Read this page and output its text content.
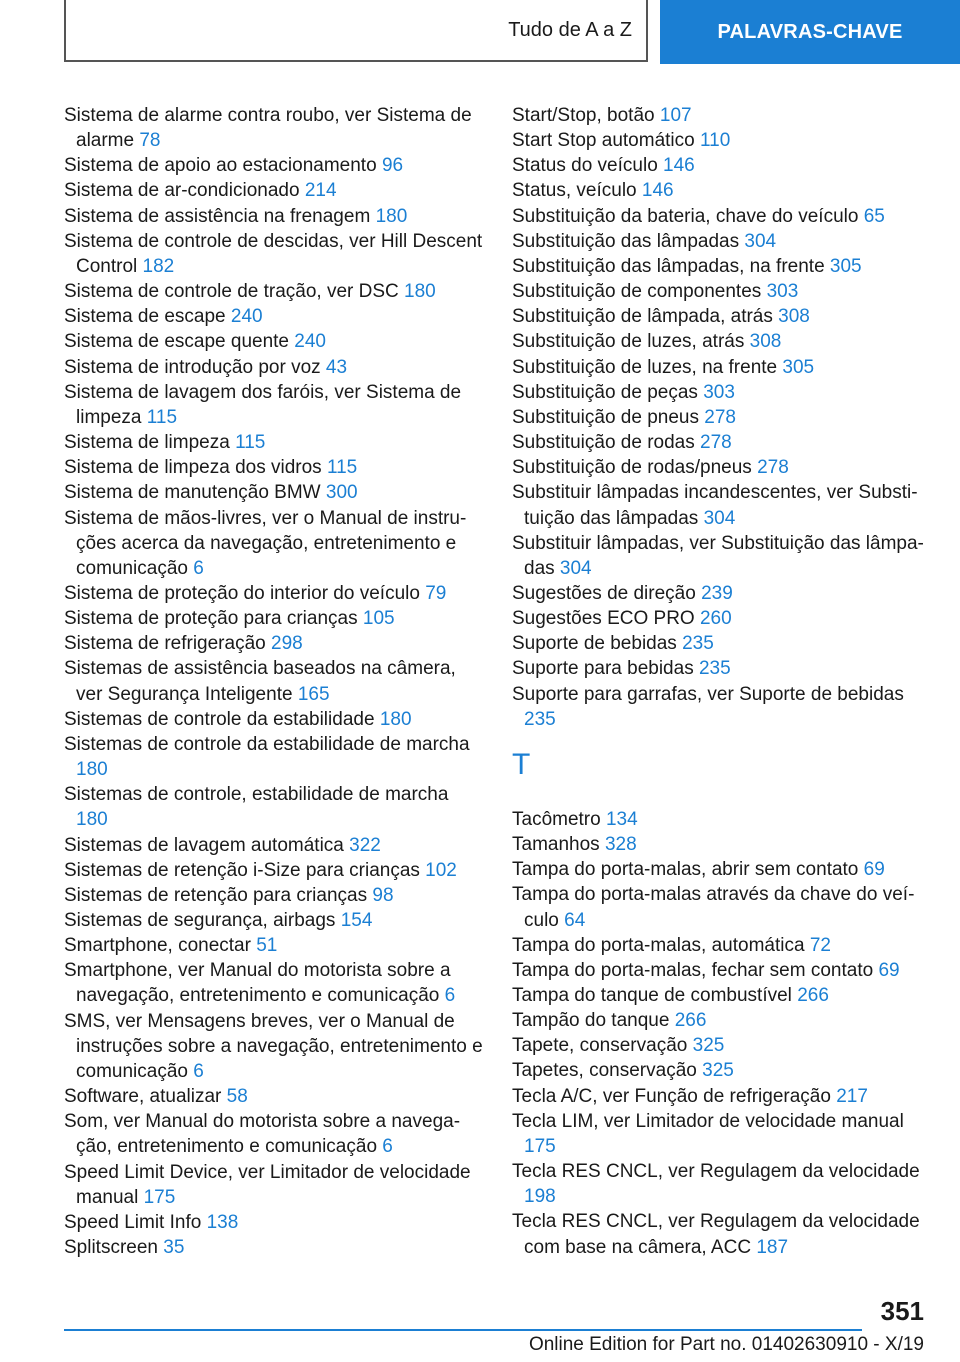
Tudo de A a Z	PALAVRAS-CHAVE
Sistema de alarme contra roubo, ver Sistema de alarme 78
Sistema de apoio ao estacionamento 96
Sistema de ar-condicionado 214
Sistema de assistência na frenagem 180
Sistema de controle de descidas, ver Hill Descent Control 182
Sistema de controle de tração, ver DSC 180
Sistema de escape 240
Sistema de escape quente 240
Sistema de introdução por voz 43
Sistema de lavagem dos faróis, ver Sistema de limpeza 115
Sistema de limpeza 115
Sistema de limpeza dos vidros 115
Sistema de manutenção BMW 300
Sistema de mãos-livres, ver o Manual de instruções acerca da navegação, entretenimento e comunicação 6
Sistema de proteção do interior do veículo 79
Sistema de proteção para crianças 105
Sistema de refrigeração 298
Sistemas de assistência baseados na câmera, ver Segurança Inteligente 165
Sistemas de controle da estabilidade 180
Sistemas de controle da estabilidade de marcha 180
Sistemas de controle, estabilidade de marcha 180
Sistemas de lavagem automática 322
Sistemas de retenção i-Size para crianças 102
Sistemas de retenção para crianças 98
Sistemas de segurança, airbags 154
Smartphone, conectar 51
Smartphone, ver Manual do motorista sobre a navegação, entretenimento e comunicação 6
SMS, ver Mensagens breves, ver o Manual de instruções sobre a navegação, entretenimento e comunicação 6
Software, atualizar 58
Som, ver Manual do motorista sobre a navegação, entretenimento e comunicação 6
Speed Limit Device, ver Limitador de velocidade manual 175
Speed Limit Info 138
Splitscreen 35
Start/Stop, botão 107
Start Stop automático 110
Status do veículo 146
Status, veículo 146
Substituição da bateria, chave do veículo 65
Substituição das lâmpadas 304
Substituição das lâmpadas, na frente 305
Substituição de componentes 303
Substituição de lâmpada, atrás 308
Substituição de luzes, atrás 308
Substituição de luzes, na frente 305
Substituição de peças 303
Substituição de pneus 278
Substituição de rodas 278
Substituição de rodas/pneus 278
Substituir lâmpadas incandescentes, ver Substituição das lâmpadas 304
Substituir lâmpadas, ver Substituição das lâmpadas 304
Sugestões de direção 239
Sugestões ECO PRO 260
Suporte de bebidas 235
Suporte para bebidas 235
Suporte para garrafas, ver Suporte de bebidas 235
T
Tacômetro 134
Tamanhos 328
Tampa do porta-malas, abrir sem contato 69
Tampa do porta-malas através da chave do veículo 64
Tampa do porta-malas, automática 72
Tampa do porta-malas, fechar sem contato 69
Tampa do tanque de combustível 266
Tampão do tanque 266
Tapete, conservação 325
Tapetes, conservação 325
Tecla A/C, ver Função de refrigeração 217
Tecla LIM, ver Limitador de velocidade manual 175
Tecla RES CNCL, ver Regulagem da velocidade 198
Tecla RES CNCL, ver Regulagem da velocidade com base na câmera, ACC 187
351
Online Edition for Part no. 01402630910 - X/19
